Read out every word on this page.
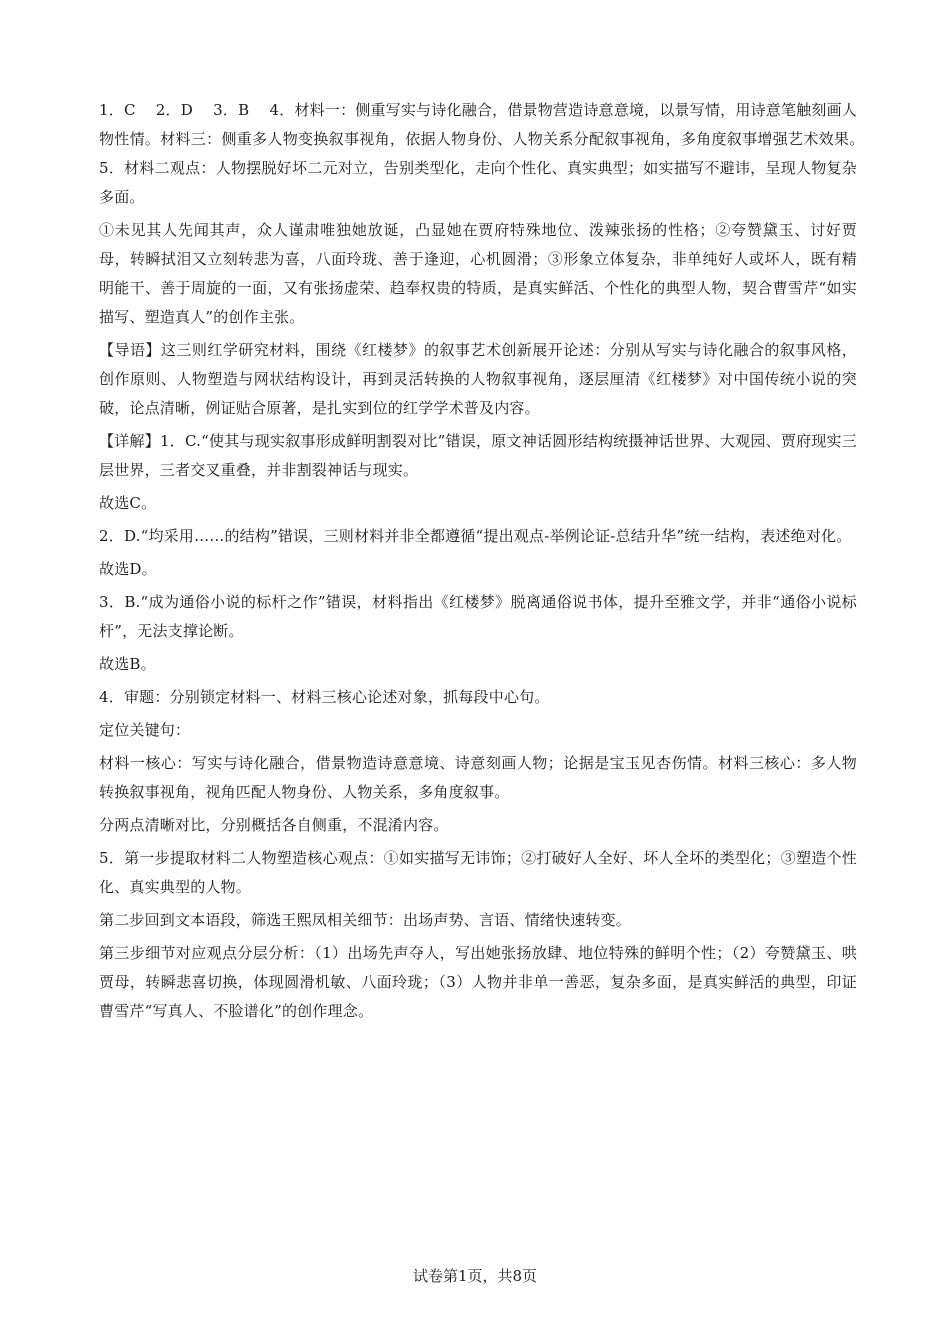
1．C　 2．D　 3．B　 4．材料一：侧重写实与诗化融合，借景物营造诗意意境，以景写情，用诗意笔触刻画人物性情。材料三：侧重多人物变换叙事视角，依据人物身份、人物关系分配叙事视角，多角度叙事增强艺术效果。　 5．材料二观点：人物摆脱好坏二元对立，告别类型化，走向个性化、真实典型；如实描写不避讳，呈现人物复杂多面。

①未见其人先闻其声，众人谨肃唯独她放诞，凸显她在贾府特殊地位、泼辣张扬的性格；②夸赞黛玉、讨好贾母，转瞬拭泪又立刻转悲为喜，八面玲珑、善于逢迎，心机圆滑；③形象立体复杂，非单纯好人或坏人，既有精明能干、善于周旋的一面，又有张扬虚荣、趋奉权贵的特质，是真实鲜活、个性化的典型人物，契合曹雪芹“如实描写、塑造真人”的创作主张。

【导语】这三则红学研究材料，围绕《红楼梦》的叙事艺术创新展开论述：分别从写实与诗化融合的叙事风格，创作原则、人物塑造与网状结构设计，再到灵活转换的人物叙事视角，逐层厘清《红楼梦》对中国传统小说的突破，论点清晰，例证贴合原著，是扎实到位的红学学术普及内容。

【详解】1．C.“使其与现实叙事形成鲜明割裂对比”错误，原文神话圆形结构统摄神话世界、大观园、贾府现实三层世界，三者交叉重叠，并非割裂神话与现实。

故选C。

2．D.“均采用……的结构”错误，三则材料并非全都遵循“提出观点-举例论证-总结升华”统一结构，表述绝对化。

故选D。

3．B.“成为通俗小说的标杆之作”错误，材料指出《红楼梦》脱离通俗说书体，提升至雅文学，并非“通俗小说标杆”，无法支撑论断。

故选B。

4．审题：分别锁定材料一、材料三核心论述对象，抓每段中心句。

定位关键句：

材料一核心：写实与诗化融合，借景物造诗意意境、诗意刻画人物；论据是宝玉见杏伤情。材料三核心：多人物转换叙事视角，视角匹配人物身份、人物关系，多角度叙事。

分两点清晰对比，分别概括各自侧重，不混淆内容。

5．第一步提取材料二人物塑造核心观点：①如实描写无讳饰；②打破好人全好、坏人全坏的类型化；③塑造个性化、真实典型的人物。

第二步回到文本语段，筛选王熙凤相关细节：出场声势、言语、情绪快速转变。

第三步细节对应观点分层分析：（1）出场先声夺人，写出她张扬放肆、地位特殊的鲜明个性；（2）夸赞黛玉、哄贾母，转瞬悲喜切换，体现圆滑机敏、八面玲珑；（3）人物并非单一善恶，复杂多面，是真实鲜活的典型，印证曹雪芹“写真人、不脸谱化”的创作理念。

试卷第1页，共8页
